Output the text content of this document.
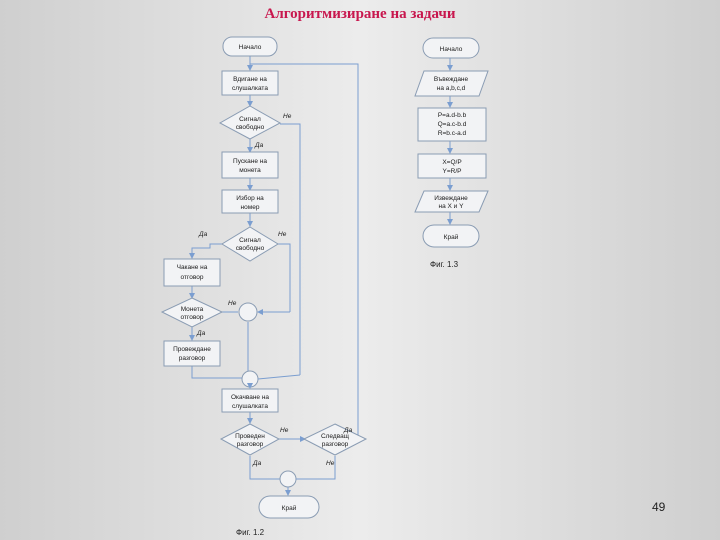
Алгоритмизиране на задачи
Начало
Вдигане на
слушалката
Сигнал
свободно
Не
Да
Пускане на
монета
Избор на
номер
Да	Не
Сигнал
свободно
Чакане на
отговор
Монета
отговор
Не
Да
Провеждане
разговор
Окачване на
слушалката
Проведен
разговор
Не
Да
Следващ
разговор
Да
Не
Край
Фиг. 1.2
Начало
Въвеждане
на a,b,c,d
P=a.d-b.b
Q=a.c-b.d
R=b.c-a.d
X=Q/P
Y=R/P
Извеждане
на X и Y
Край
Фиг. 1.3
49
